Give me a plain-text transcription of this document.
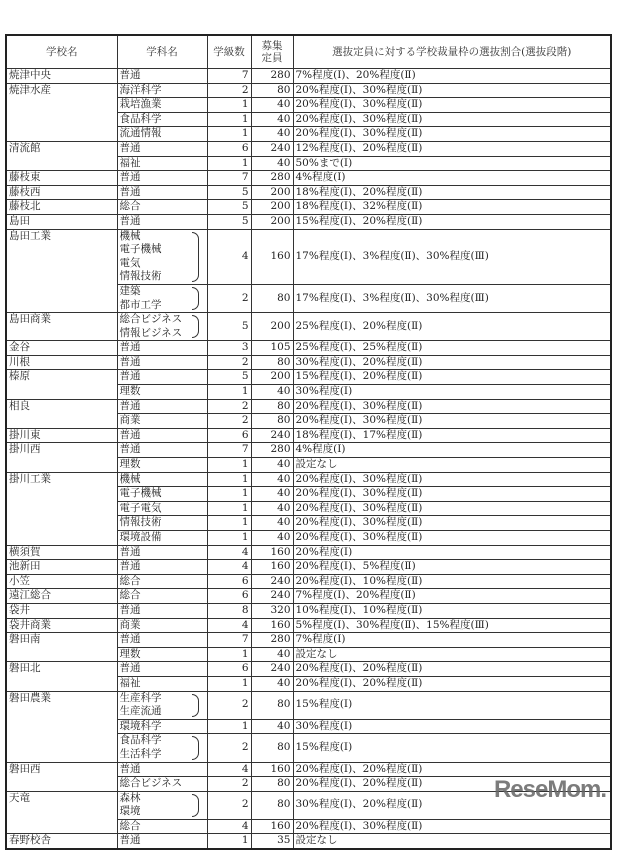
学校名	学科名	学級数	募集定員	選抜定員に対する学校裁量枠の選抜割合(選抜段階)
焼津中央	普通	7	280	7%程度(Ⅰ)、20%程度(Ⅱ)
焼津水産	海洋科学	2	80	20%程度(Ⅰ)、30%程度(Ⅱ)

	栽培漁業	1	40	20%程度(Ⅰ)、30%程度(Ⅱ)

	食品科学	1	40	20%程度(Ⅰ)、30%程度(Ⅱ)

	流通情報	1	40	20%程度(Ⅰ)、30%程度(Ⅱ)
清流館	普通	6	240	12%程度(Ⅰ)、20%程度(Ⅱ)

	福祉	1	40	50%まで(Ⅰ)
藤枝東	普通	7	280	4%程度(Ⅰ)
藤枝西	普通	5	200	18%程度(Ⅰ)、20%程度(Ⅱ)
藤枝北	総合	5	200	18%程度(Ⅰ)、32%程度(Ⅱ)
島田	普通	5	200	15%程度(Ⅰ)、20%程度(Ⅱ)
島田工業	機械
電子機械
電気
情報技術	4	160	17%程度(Ⅰ)、3%程度(Ⅱ)、30%程度(Ⅲ)

	建築
都市工学	2	80	17%程度(Ⅰ)、3%程度(Ⅱ)、30%程度(Ⅲ)
島田商業	総合ビジネス
情報ビジネス	5	200	25%程度(Ⅰ)、20%程度(Ⅱ)
金谷	普通	3	105	25%程度(Ⅰ)、25%程度(Ⅱ)
川根	普通	2	80	30%程度(Ⅰ)、20%程度(Ⅱ)
榛原	普通	5	200	15%程度(Ⅰ)、20%程度(Ⅱ)

	理数	1	40	30%程度(Ⅰ)
相良	普通	2	80	20%程度(Ⅰ)、30%程度(Ⅱ)

	商業	2	80	20%程度(Ⅰ)、30%程度(Ⅱ)
掛川東	普通	6	240	18%程度(Ⅰ)、17%程度(Ⅱ)
掛川西	普通	7	280	4%程度(Ⅰ)

	理数	1	40	設定なし
掛川工業	機械	1	40	20%程度(Ⅰ)、30%程度(Ⅱ)

	電子機械	1	40	20%程度(Ⅰ)、30%程度(Ⅱ)

	電子電気	1	40	20%程度(Ⅰ)、30%程度(Ⅱ)

	情報技術	1	40	20%程度(Ⅰ)、30%程度(Ⅱ)

	環境設備	1	40	20%程度(Ⅰ)、30%程度(Ⅱ)
横須賀	普通	4	160	20%程度(Ⅰ)
池新田	普通	4	160	20%程度(Ⅰ)、5%程度(Ⅱ)
小笠	総合	6	240	20%程度(Ⅰ)、10%程度(Ⅱ)
遠江総合	総合	6	240	7%程度(Ⅰ)、20%程度(Ⅱ)
袋井	普通	8	320	10%程度(Ⅰ)、10%程度(Ⅱ)
袋井商業	商業	4	160	5%程度(Ⅰ)、30%程度(Ⅱ)、15%程度(Ⅲ)
磐田南	普通	7	280	7%程度(Ⅰ)

	理数	1	40	設定なし
磐田北	普通	6	240	20%程度(Ⅰ)、20%程度(Ⅱ)

	福祉	1	40	20%程度(Ⅰ)、20%程度(Ⅱ)
磐田農業	生産科学
生産流通	2	80	15%程度(Ⅰ)

	環境科学	1	40	30%程度(Ⅰ)

	食品科学
生活科学	2	80	15%程度(Ⅰ)
磐田西	普通	4	160	20%程度(Ⅰ)、20%程度(Ⅱ)

	総合ビジネス	2	80	20%程度(Ⅰ)、20%程度(Ⅱ)
天竜	森林
環境	2	80	30%程度(Ⅰ)、20%程度(Ⅱ)

	総合	4	160	20%程度(Ⅰ)、30%程度(Ⅱ)
春野校舎	普通	1	35	設定なし
ReseMom.
